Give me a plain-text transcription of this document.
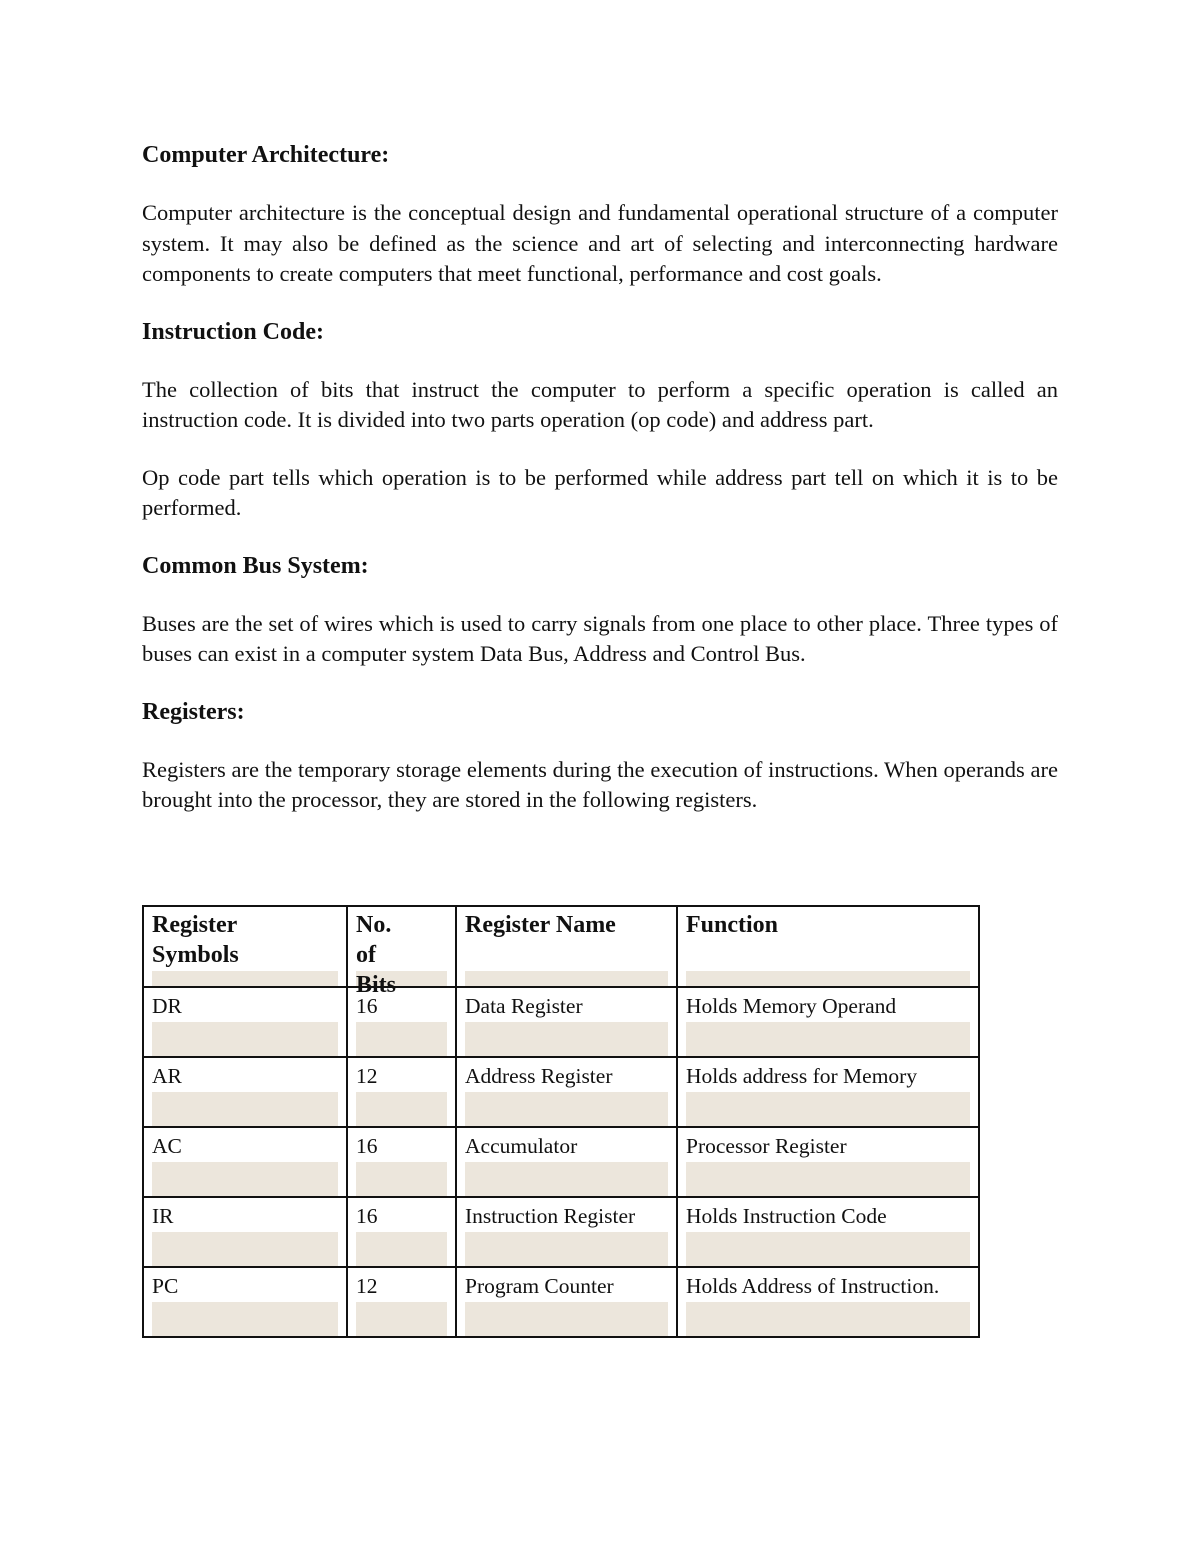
Computer Architecture:

Computer architecture is the conceptual design and fundamental operational structure of a computer system. It may also be defined as the science and art of selecting and interconnecting hardware components to create computers that meet functional, performance and cost goals.

Instruction Code:

The collection of bits that instruct the computer to perform a specific operation is called an instruction code. It is divided into two parts operation (op code) and address part.

Op code part tells which operation is to be performed while address part tell on which it is to be performed.

Common Bus System:

Buses are the set of wires which is used to carry signals from one place to other place. Three types of buses can exist in a computer system Data Bus, Address and Control Bus.

Registers:

Registers are the temporary storage elements during the execution of instructions. When operands are brought into the processor, they are stored in the following registers.

Register
Symbols	No.
of
Bits	Register Name	Function

DR	16	Data Register	Holds Memory Operand

AR	12	Address Register	Holds address for Memory

AC	16	Accumulator	Processor Register

IR	16	Instruction Register	Holds Instruction Code

PC	12	Program Counter	Holds Address of Instruction.
